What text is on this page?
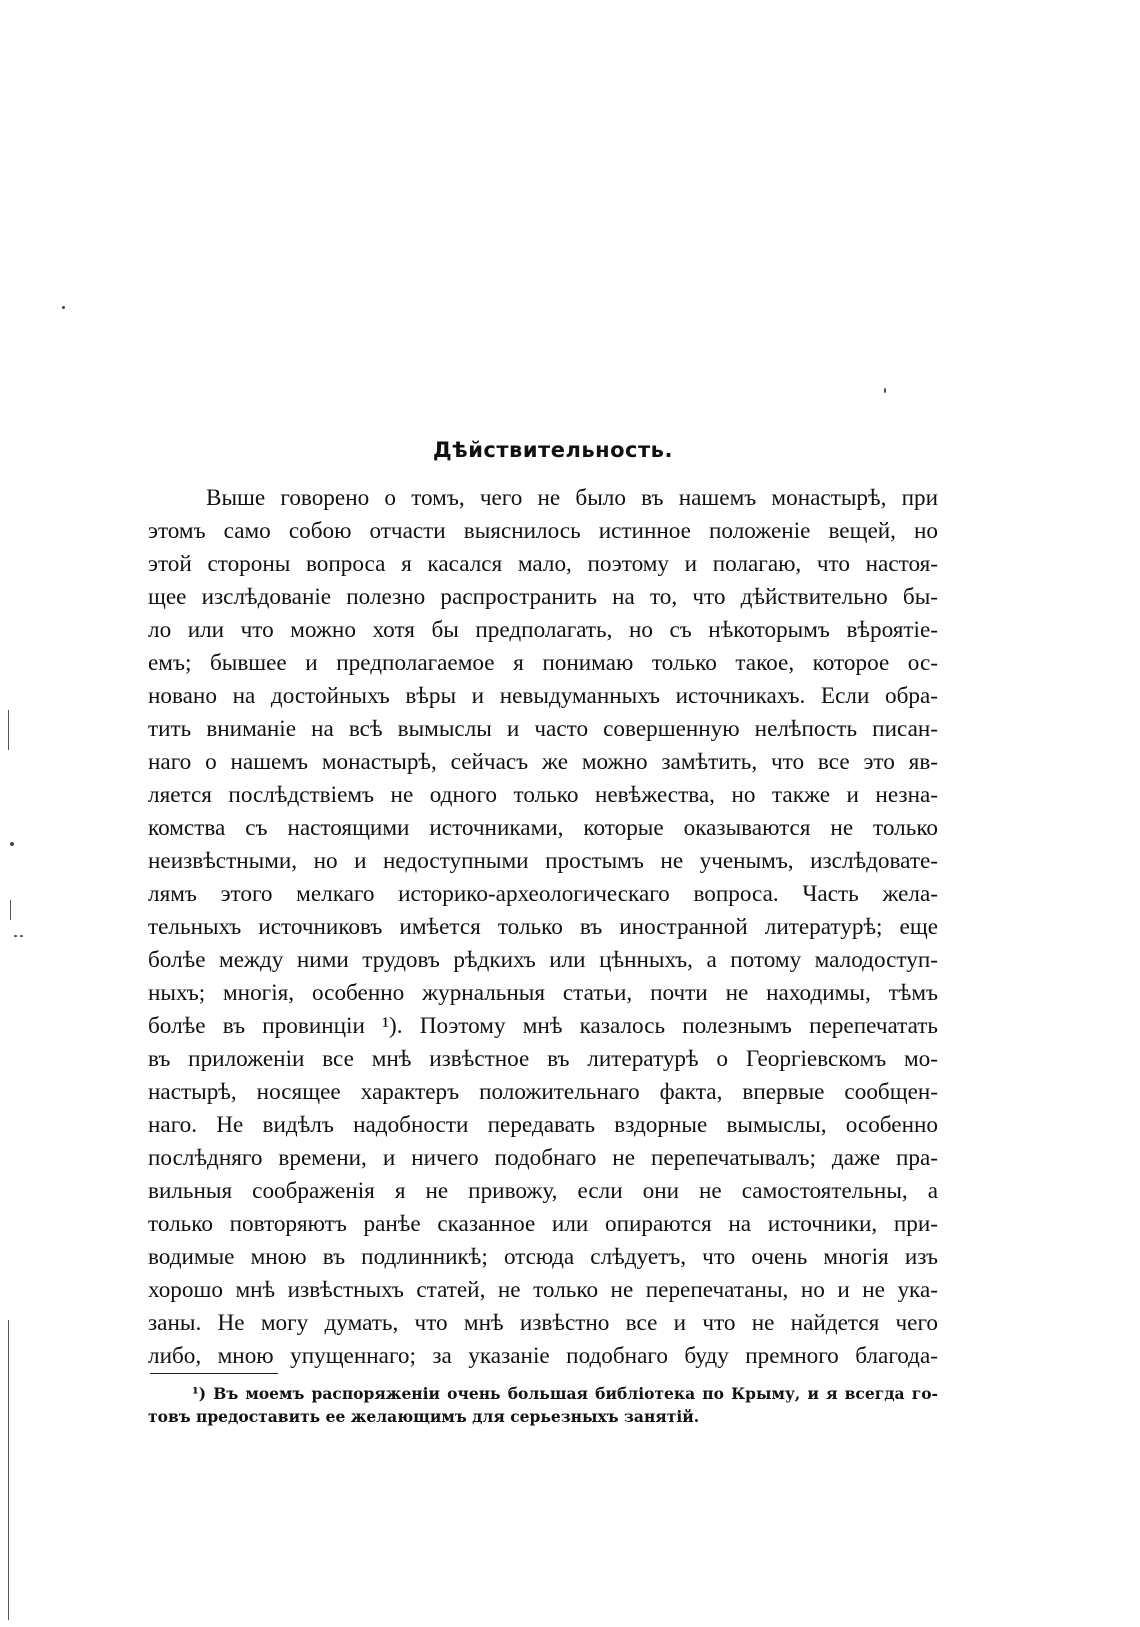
Дѣйствительность.
Выше говорено о томъ, чего не было въ нашемъ монастырѣ, при
этомъ само собою отчасти выяснилось истинное положеніе вещей, но
этой стороны вопроса я касался мало, поэтому и полагаю, что настоя-
щее изслѣдованіе полезно распространить на то, что дѣйствительно бы-
ло или что можно хотя бы предполагать, но съ нѣкоторымъ вѣроятіе-
емъ; бывшее и предполагаемое я понимаю только такое, которое ос-
новано на достойныхъ вѣры и невыдуманныхъ источникахъ. Если обра-
тить вниманіе на всѣ вымыслы и часто совершенную нелѣпость писан-
наго о нашемъ монастырѣ, сейчасъ же можно замѣтить, что все это яв-
ляется послѣдствіемъ не одного только невѣжества, но также и незна-
комства съ настоящими источниками, которые оказываются не только
неизвѣстными, но и недоступными простымъ не ученымъ, изслѣдовате-
лямъ этого мелкаго историко-археологическаго вопроса. Часть жела-
тельныхъ источниковъ имѣется только въ иностранной литературѣ; еще
болѣе между ними трудовъ рѣдкихъ или цѣнныхъ, а потому малодоступ-
ныхъ; многія, особенно журнальныя статьи, почти не находимы, тѣмъ
болѣе въ провинціи ¹). Поэтому мнѣ казалось полезнымъ перепечатать
въ приложеніи все мнѣ извѣстное въ литературѣ о Георгіевскомъ мо-
настырѣ, носящее характеръ положительнаго факта, впервые сообщен-
наго. Не видѣлъ надобности передавать вздорные вымыслы, особенно
послѣдняго времени, и ничего подобнаго не перепечатывалъ; даже пра-
вильныя соображенія я не привожу, если они не самостоятельны, а
только повторяютъ ранѣе сказанное или опираются на источники, при-
водимые мною въ подлинникѣ; отсюда слѣдуетъ, что очень многія изъ
хорошо мнѣ извѣстныхъ статей, не только не перепечатаны, но и не ука-
заны. Не могу думать, что мнѣ извѣстно все и что не найдется чего
либо, мною упущеннаго; за указаніе подобнаго буду премного благода-
¹) Въ моемъ распоряженіи очень большая библіотека по Крыму, и я всегда го-
товъ предоставить ее желающимъ для серьезныхъ занятій.
